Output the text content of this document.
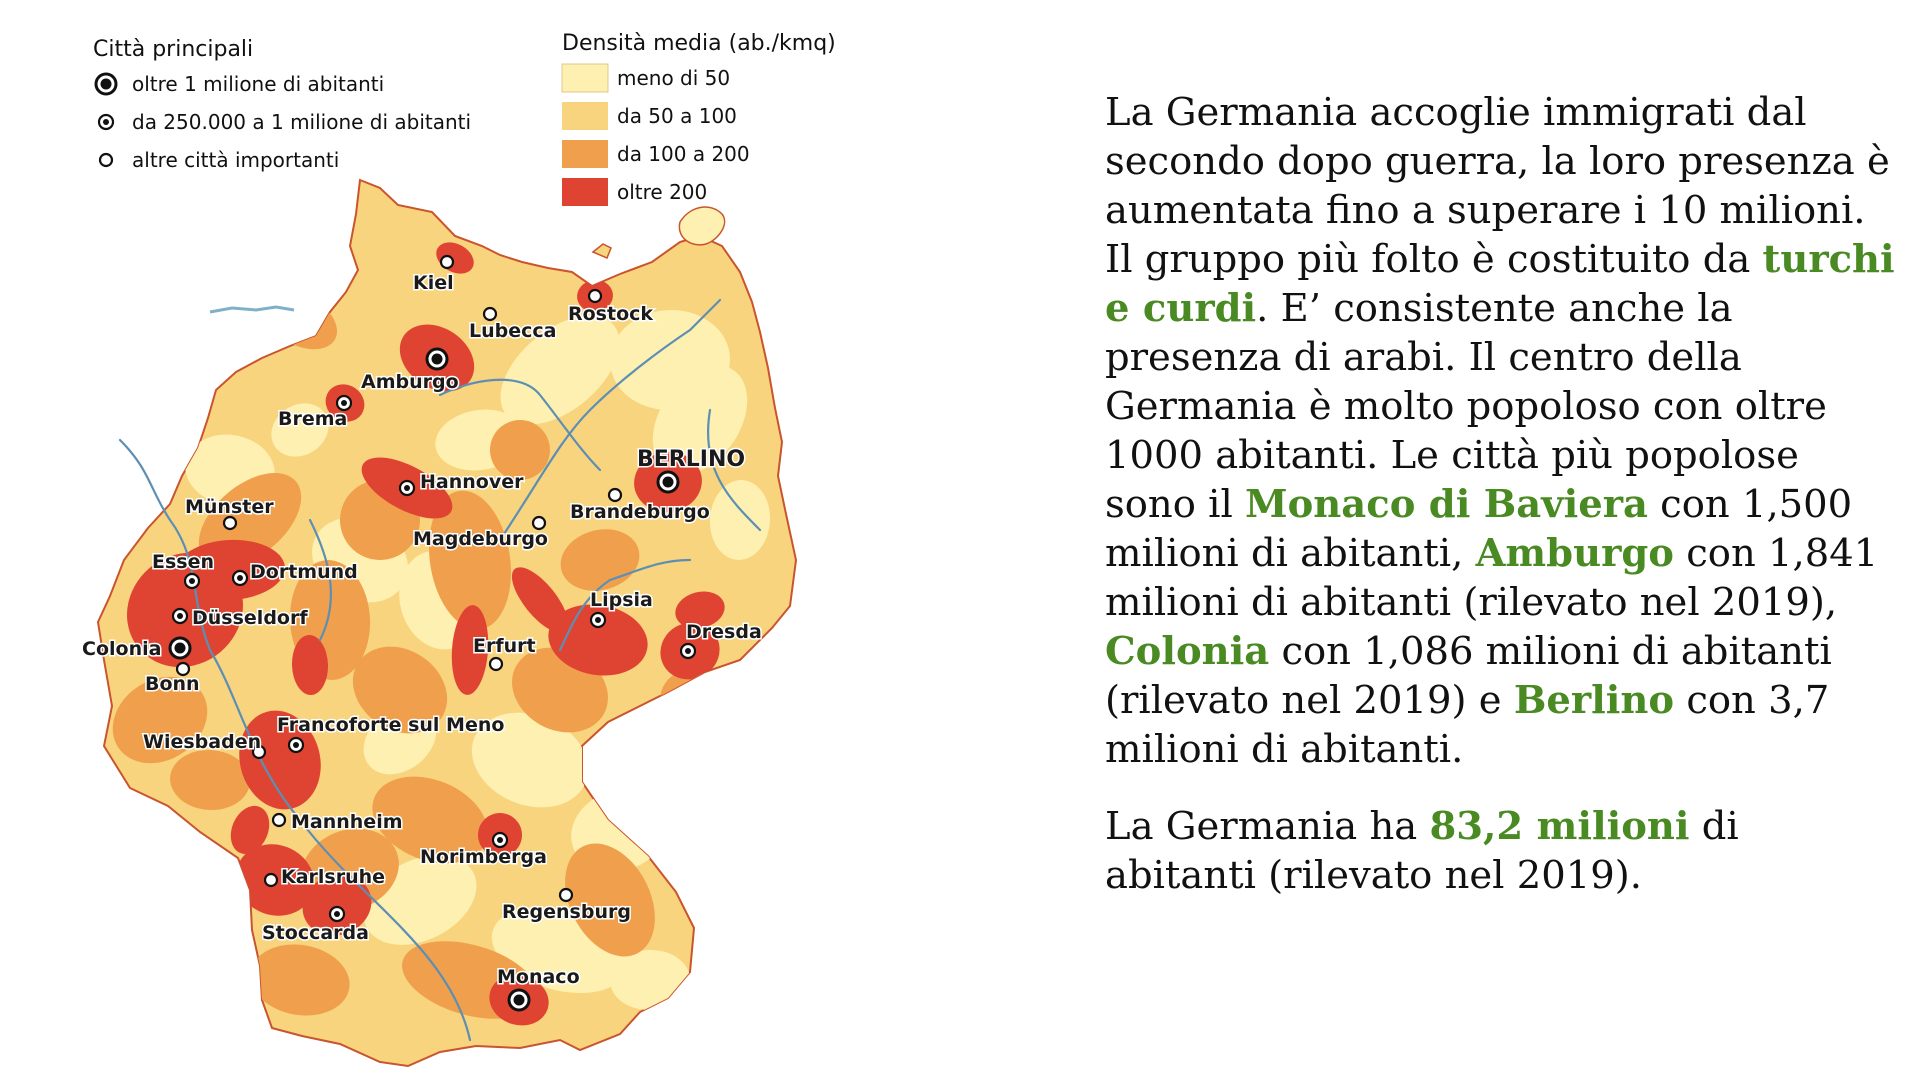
Città principali
oltre 1 milione di abitanti
da 250.000 a 1 milione di abitanti
altre città importanti
Densità media (ab./kmq)
meno di 50
da 50 a 100
da 100 a 200
oltre 200
Kiel
Rostock
Lubecca
Amburgo
Brema
BERLINO
Hannover
Brandeburgo
Münster
Magdeburgo
Essen Dortmund
Düsseldorf
Lipsia
Colonia	Erfurt
Dresda
Bonn
Francoforte sul Meno
Wiesbaden
Mannheim
Norimberga
Karlsruhe
Stoccarda
Regensburg
Monaco

La Germania accoglie immigrati dal secondo dopo guerra, la loro presenza è aumentata fino a superare i 10 milioni. Il gruppo più folto è costituito da turchi e curdi. E’ consistente anche la presenza di arabi. Il centro della Germania è molto popoloso con oltre 1000 abitanti. Le città più popolose sono il Monaco di Baviera con 1,500 milioni di abitanti, Amburgo con 1,841 milioni di abitanti (rilevato nel 2019), Colonia con 1,086 milioni di abitanti (rilevato nel 2019) e Berlino con 3,7 milioni di abitanti.

La Germania ha 83,2 milioni di abitanti (rilevato nel 2019).
